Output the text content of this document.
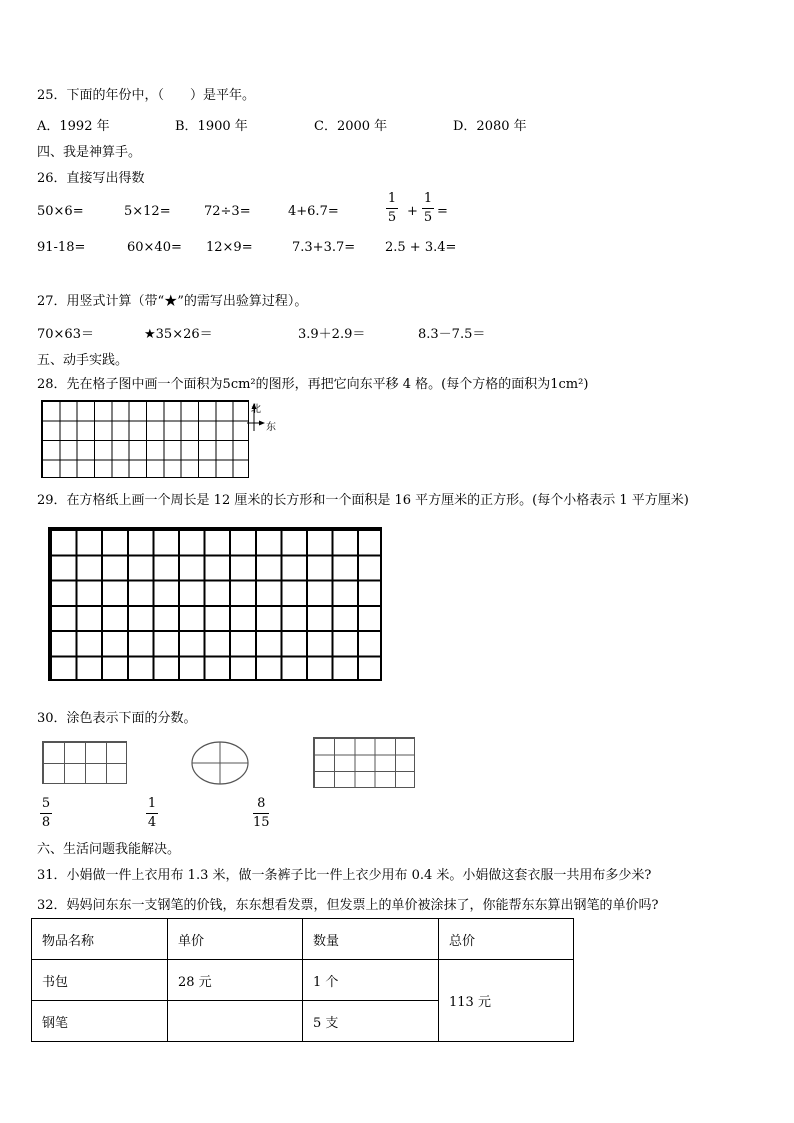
25．下面的年份中，（　　）是平年。
A．1992 年	B．1900 年	C．2000 年	D．2080 年
四、我是神算手。
26．直接写出得数
50×6=	5×12=	72÷3=	4+6.7=
1
5 +
1
5 =
91-18=	60×40= 12×9=	7.3+3.7= 2.5 + 3.4=
27．用竖式计算（带“★”的需写出验算过程）。
70×63＝	★35×26＝	3.9＋2.9＝	8.3－7.5＝
五、动手实践。
28．先在格子图中画一个面积为5cm²的图形，再把它向东平移 4 格。(每个方格的面积为1cm²)
北
东
29．在方格纸上画一个周长是 12 厘米的长方形和一个面积是 16 平方厘米的正方形。(每个小格表示 1 平方厘米)
30．涂色表示下面的分数。
5
8
1
4
8
15
六、生活问题我能解决。
31．小娟做一件上衣用布 1.3 米，做一条裤子比一件上衣少用布 0.4 米。小娟做这套衣服一共用布多少米?
32．妈妈问东东一支钢笔的价钱，东东想看发票，但发票上的单价被涂抹了，你能帮东东算出钢笔的单价吗?
物品名称	单价	数量	总价
书包	28 元	1 个	113 元
钢笔		5 支	
